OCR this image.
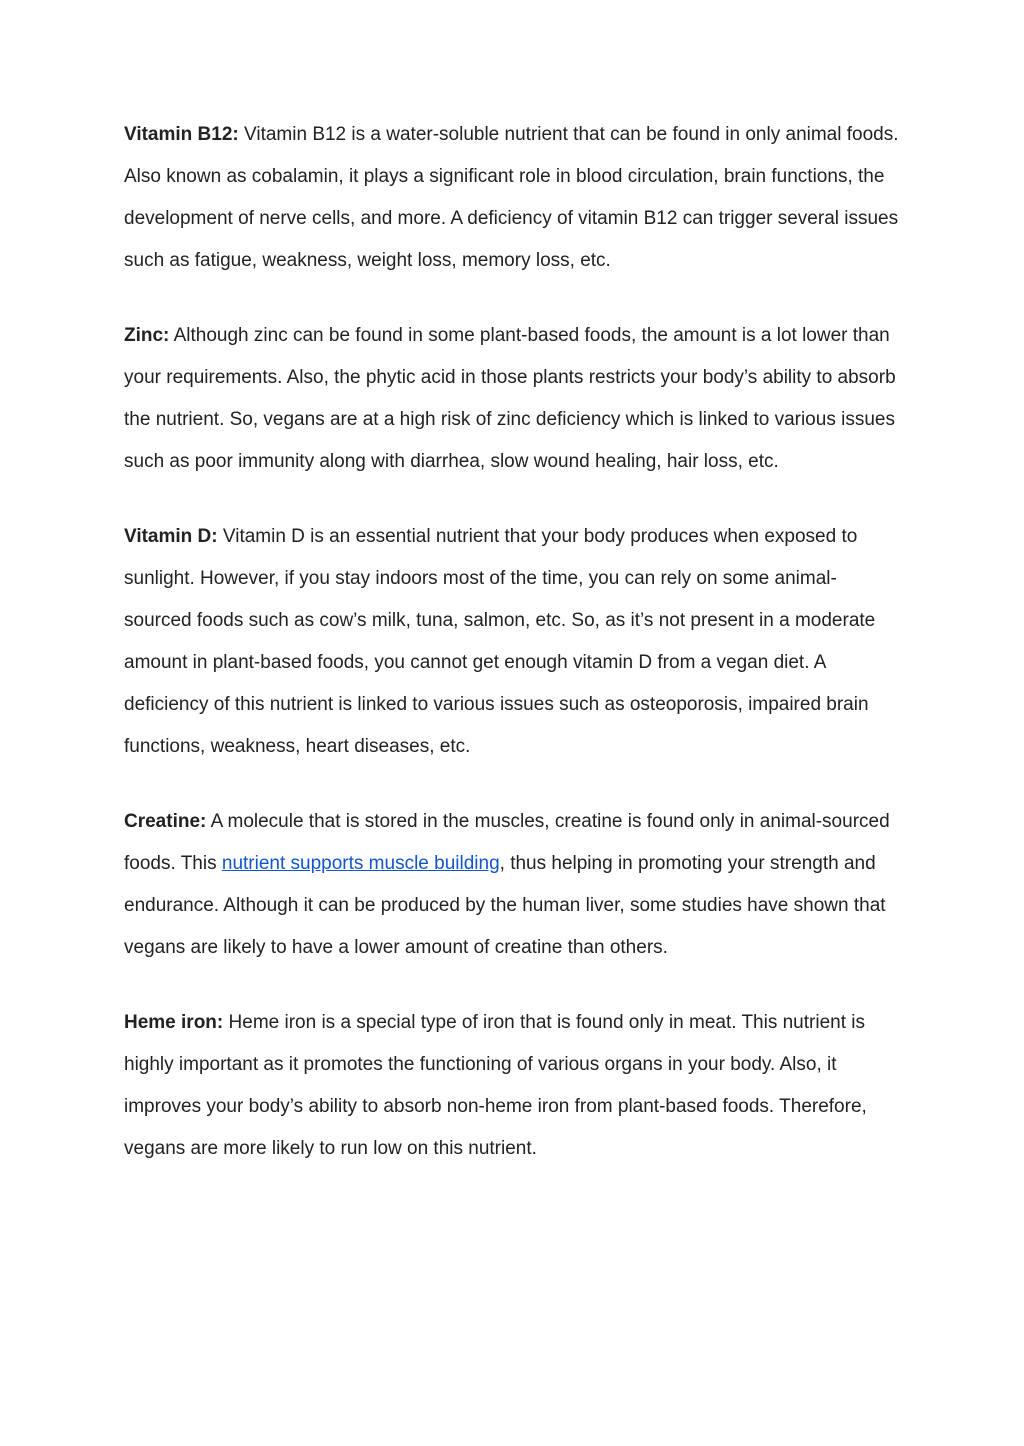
Vitamin B12: Vitamin B12 is a water-soluble nutrient that can be found in only animal foods. Also known as cobalamin, it plays a significant role in blood circulation, brain functions, the development of nerve cells, and more. A deficiency of vitamin B12 can trigger several issues such as fatigue, weakness, weight loss, memory loss, etc.

Zinc: Although zinc can be found in some plant-based foods, the amount is a lot lower than your requirements. Also, the phytic acid in those plants restricts your body’s ability to absorb the nutrient. So, vegans are at a high risk of zinc deficiency which is linked to various issues such as poor immunity along with diarrhea, slow wound healing, hair loss, etc.

Vitamin D: Vitamin D is an essential nutrient that your body produces when exposed to sunlight. However, if you stay indoors most of the time, you can rely on some animal-sourced foods such as cow’s milk, tuna, salmon, etc. So, as it’s not present in a moderate amount in plant-based foods, you cannot get enough vitamin D from a vegan diet. A deficiency of this nutrient is linked to various issues such as osteoporosis, impaired brain functions, weakness, heart diseases, etc.

Creatine: A molecule that is stored in the muscles, creatine is found only in animal-sourced foods. This nutrient supports muscle building, thus helping in promoting your strength and endurance. Although it can be produced by the human liver, some studies have shown that vegans are likely to have a lower amount of creatine than others.

Heme iron: Heme iron is a special type of iron that is found only in meat. This nutrient is highly important as it promotes the functioning of various organs in your body. Also, it improves your body’s ability to absorb non-heme iron from plant-based foods. Therefore, vegans are more likely to run low on this nutrient.
